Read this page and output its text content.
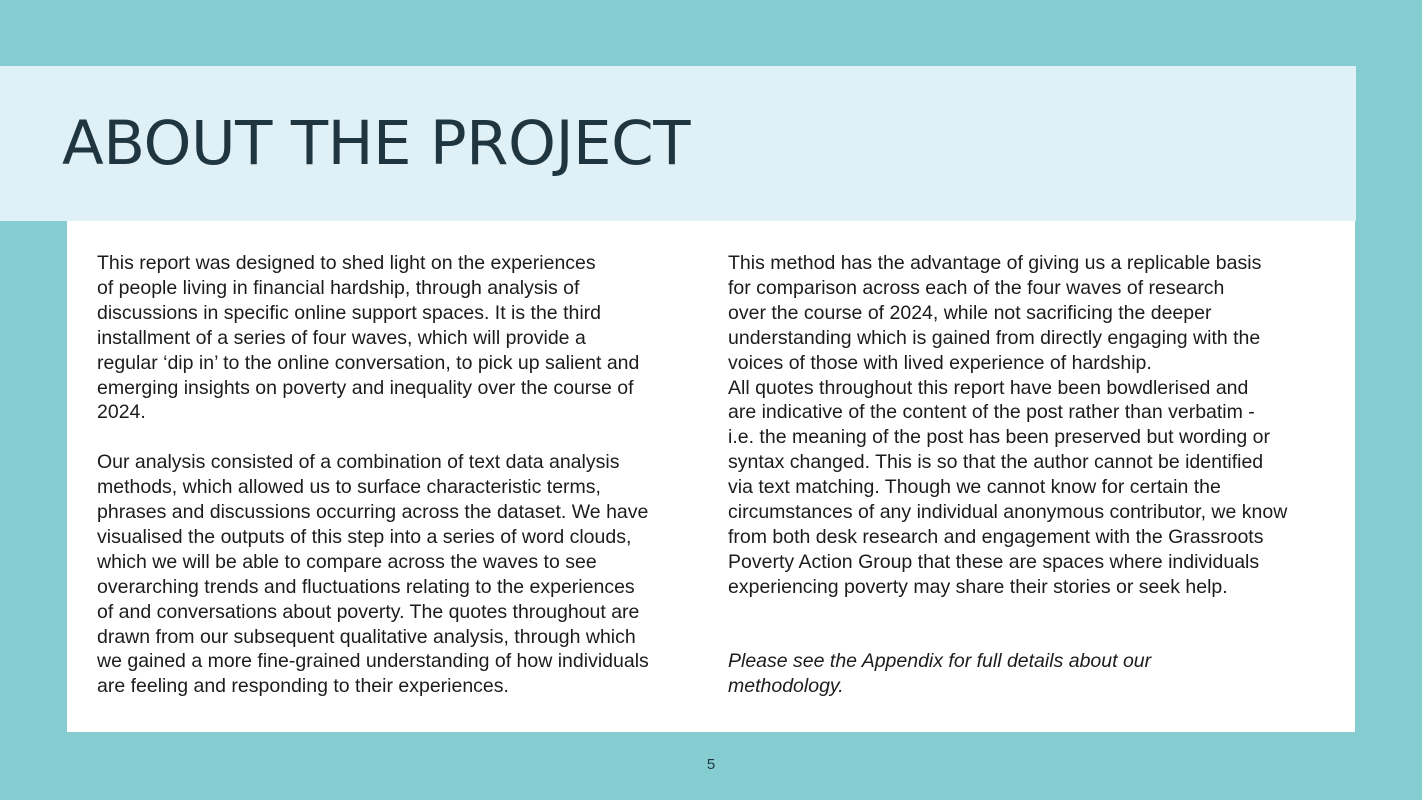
ABOUT THE PROJECT

This report was designed to shed light on the experiences
of people living in financial hardship, through analysis of
discussions in specific online support spaces. It is the third
installment of a series of four waves, which will provide a
regular ‘dip in’ to the online conversation, to pick up salient and
emerging insights on poverty and inequality over the course of
2024.

Our analysis consisted of a combination of text data analysis
methods, which allowed us to surface characteristic terms,
phrases and discussions occurring across the dataset. We have
visualised the outputs of this step into a series of word clouds,
which we will be able to compare across the waves to see
overarching trends and fluctuations relating to the experiences
of and conversations about poverty. The quotes throughout are
drawn from our subsequent qualitative analysis, through which
we gained a more fine-grained understanding of how individuals
are feeling and responding to their experiences.

This method has the advantage of giving us a replicable basis
for comparison across each of the four waves of research
over the course of 2024, while not sacrificing the deeper
understanding which is gained from directly engaging with the
voices of those with lived experience of hardship.

All quotes throughout this report have been bowdlerised and
are indicative of the content of the post rather than verbatim -
i.e. the meaning of the post has been preserved but wording or
syntax changed. This is so that the author cannot be identified
via text matching. Though we cannot know for certain the
circumstances of any individual anonymous contributor, we know
from both desk research and engagement with the Grassroots
Poverty Action Group that these are spaces where individuals
experiencing poverty may share their stories or seek help.

Please see the Appendix for full details about our
methodology.

5
